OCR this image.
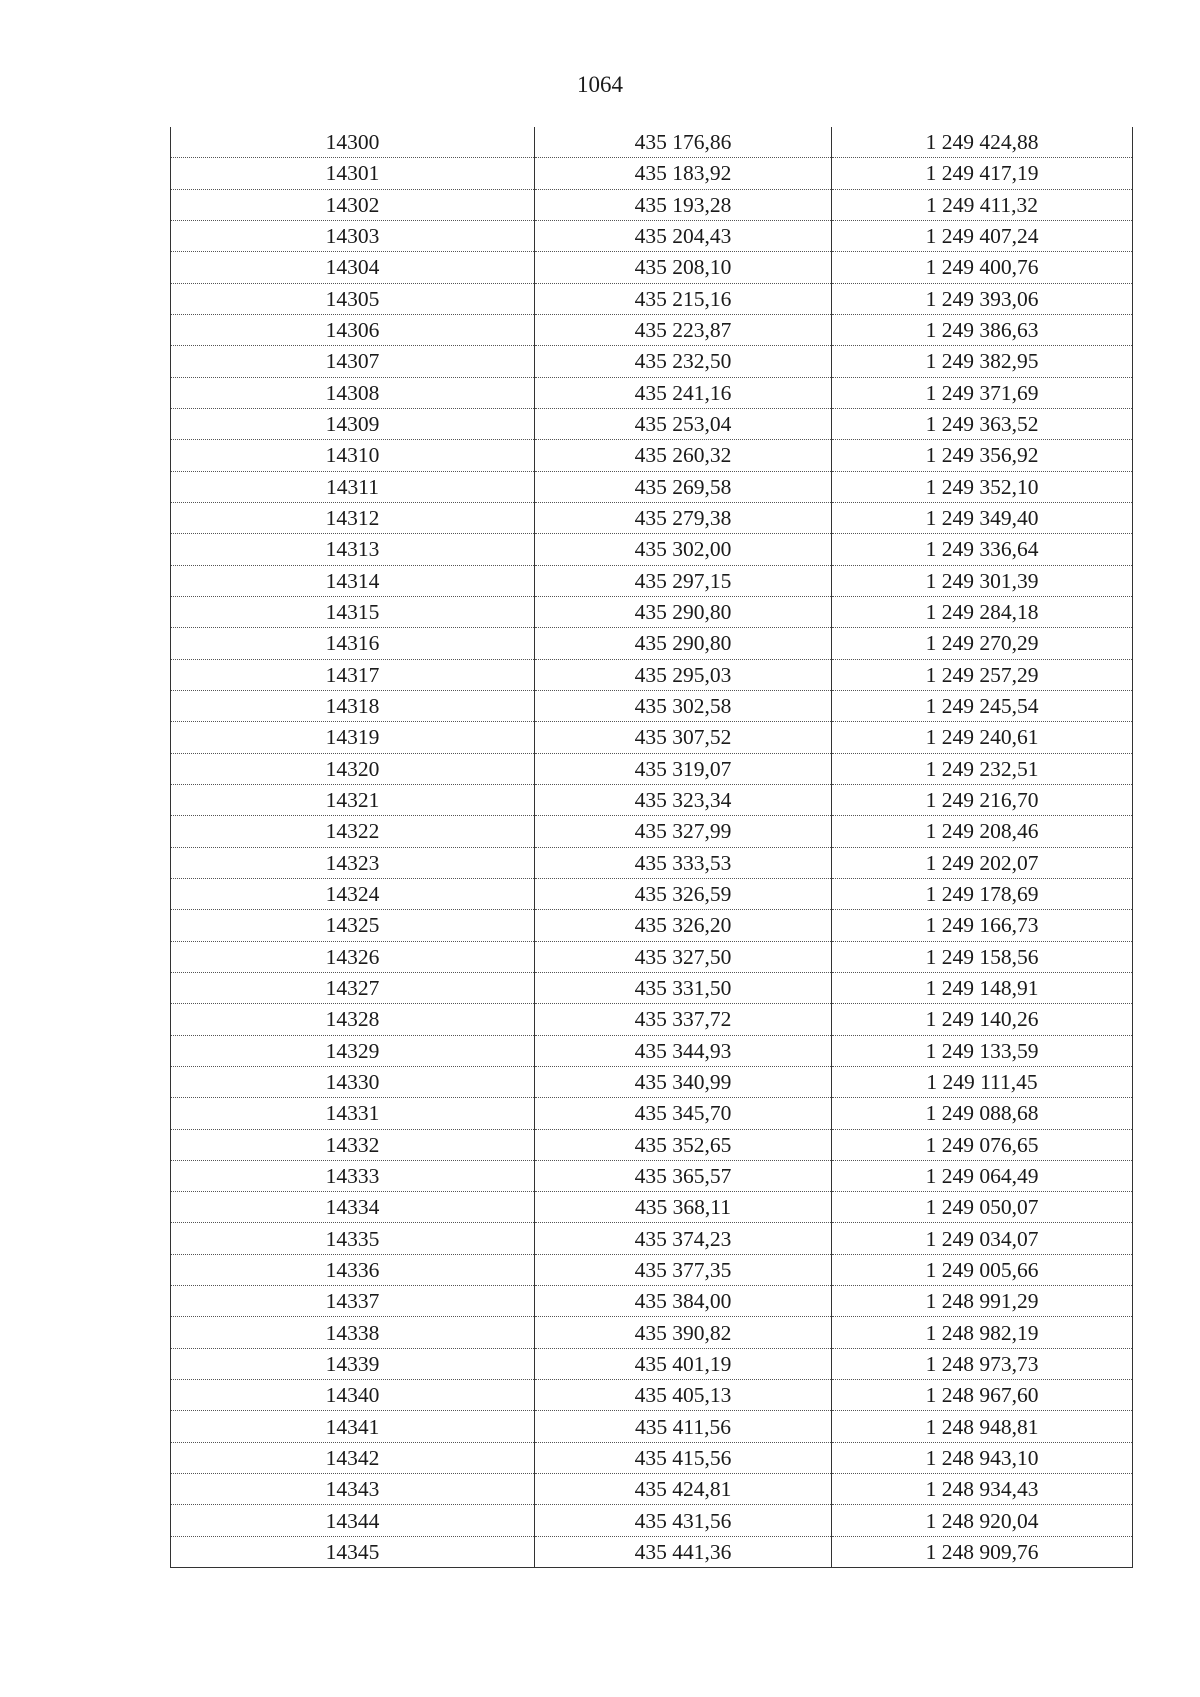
1064
14300	435 176,86	1 249 424,88
14301	435 183,92	1 249 417,19
14302	435 193,28	1 249 411,32
14303	435 204,43	1 249 407,24
14304	435 208,10	1 249 400,76
14305	435 215,16	1 249 393,06
14306	435 223,87	1 249 386,63
14307	435 232,50	1 249 382,95
14308	435 241,16	1 249 371,69
14309	435 253,04	1 249 363,52
14310	435 260,32	1 249 356,92
14311	435 269,58	1 249 352,10
14312	435 279,38	1 249 349,40
14313	435 302,00	1 249 336,64
14314	435 297,15	1 249 301,39
14315	435 290,80	1 249 284,18
14316	435 290,80	1 249 270,29
14317	435 295,03	1 249 257,29
14318	435 302,58	1 249 245,54
14319	435 307,52	1 249 240,61
14320	435 319,07	1 249 232,51
14321	435 323,34	1 249 216,70
14322	435 327,99	1 249 208,46
14323	435 333,53	1 249 202,07
14324	435 326,59	1 249 178,69
14325	435 326,20	1 249 166,73
14326	435 327,50	1 249 158,56
14327	435 331,50	1 249 148,91
14328	435 337,72	1 249 140,26
14329	435 344,93	1 249 133,59
14330	435 340,99	1 249 111,45
14331	435 345,70	1 249 088,68
14332	435 352,65	1 249 076,65
14333	435 365,57	1 249 064,49
14334	435 368,11	1 249 050,07
14335	435 374,23	1 249 034,07
14336	435 377,35	1 249 005,66
14337	435 384,00	1 248 991,29
14338	435 390,82	1 248 982,19
14339	435 401,19	1 248 973,73
14340	435 405,13	1 248 967,60
14341	435 411,56	1 248 948,81
14342	435 415,56	1 248 943,10
14343	435 424,81	1 248 934,43
14344	435 431,56	1 248 920,04
14345	435 441,36	1 248 909,76
